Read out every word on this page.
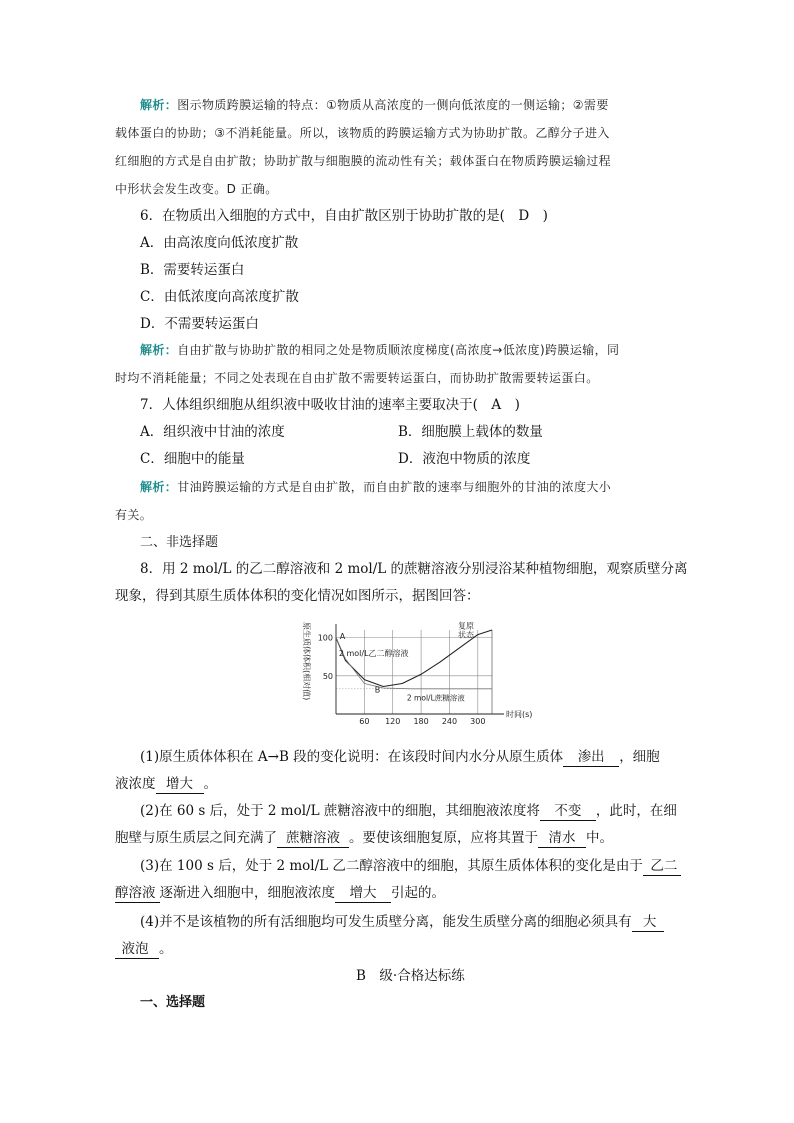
解析：图示物质跨膜运输的特点：①物质从高浓度的一侧向低浓度的一侧运输；②需要
载体蛋白的协助；③不消耗能量。所以，该物质的跨膜运输方式为协助扩散。乙醇分子进入
红细胞的方式是自由扩散；协助扩散与细胞膜的流动性有关；载体蛋白在物质跨膜运输过程
中形状会发生改变。D 正确。
6．在物质出入细胞的方式中，自由扩散区别于协助扩散的是(　D　)
A．由高浓度向低浓度扩散
B．需要转运蛋白
C．由低浓度向高浓度扩散
D．不需要转运蛋白
解析：自由扩散与协助扩散的相同之处是物质顺浓度梯度(高浓度→低浓度)跨膜运输，同
时均不消耗能量；不同之处表现在自由扩散不需要转运蛋白，而协助扩散需要转运蛋白。
7．人体组织细胞从组织液中吸收甘油的速率主要取决于(　A　)
A．组织液中甘油的浓度	B．细胞膜上载体的数量
C．细胞中的能量	D．液泡中物质的浓度
解析：甘油跨膜运输的方式是自由扩散，而自由扩散的速率与细胞外的甘油的浓度大小
有关。
二、非选择题
8．用 2 mol/L 的乙二醇溶液和 2 mol/L 的蔗糖溶液分别浸浴某种植物细胞，观察质壁分离
现象，得到其原生质体体积的变化情况如图所示，据图回答：
原生质体体积(相对值)
60 120 180 240 300
50
100
时间(s)
A
B
复原
状态
2 mol/L乙二醇溶液
2 mol/L蔗糖溶液
(1)原生质体体积在 A→B 段的变化说明：在该段时间内水分从原生质体 渗出 ，细胞
液浓度 增大 。
(2)在 60 s 后，处于 2 mol/L 蔗糖溶液中的细胞，其细胞液浓度将 不变 ，此时，在细
胞壁与原生质层之间充满了 蔗糖溶液 。要使该细胞复原，应将其置于 清水 中。
(3)在 100 s 后，处于 2 mol/L 乙二醇溶液中的细胞，其原生质体体积的变化是由于 乙二
醇溶液 逐渐进入细胞中，细胞液浓度 增大 引起的。
(4)并不是该植物的所有活细胞均可发生质壁分离，能发生质壁分离的细胞必须具有 大
液泡 。
B　级·合格达标练
一、选择题
